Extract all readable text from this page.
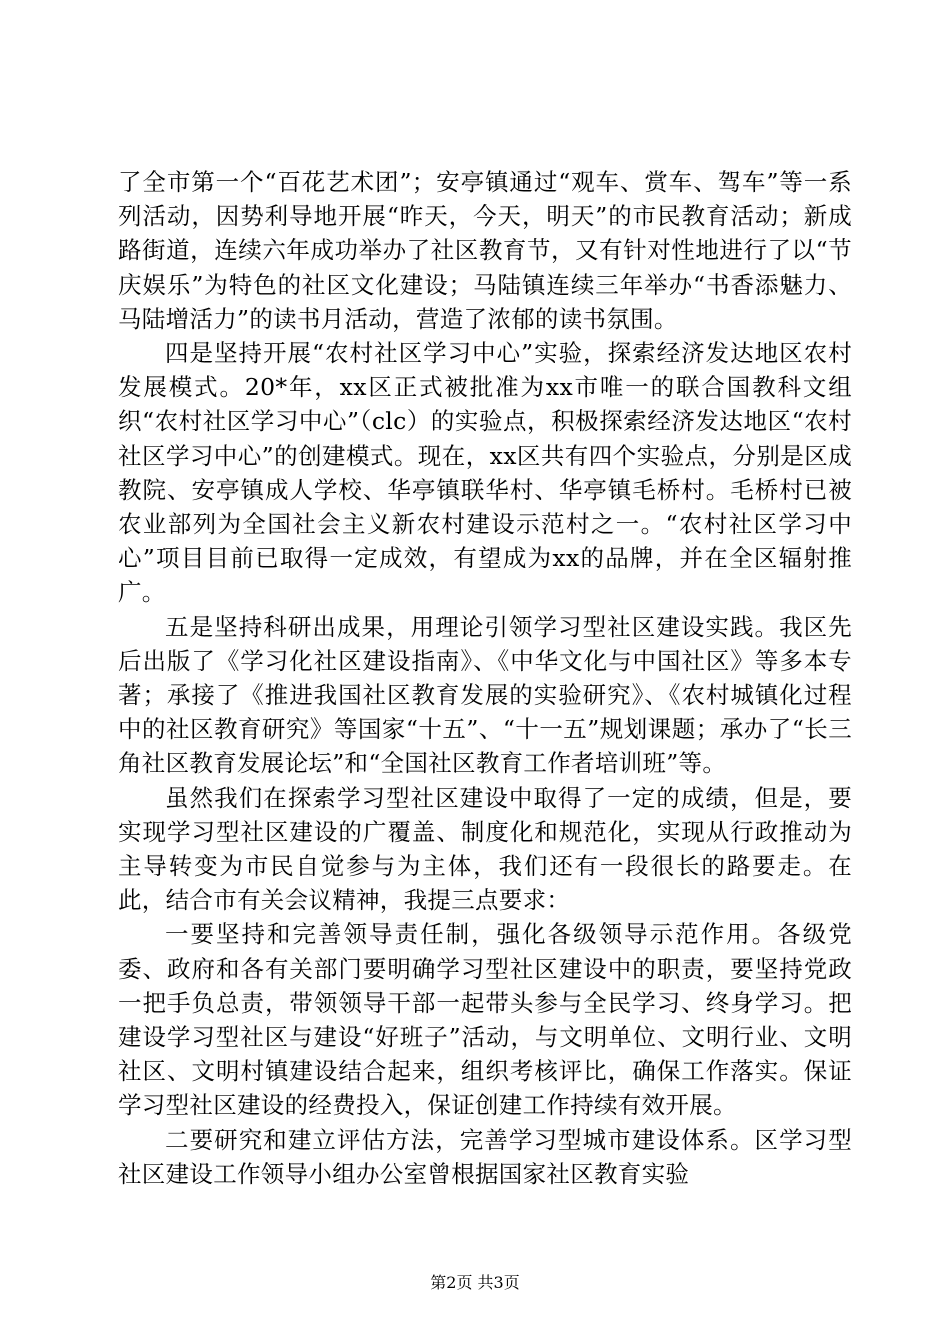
了全市第一个“百花艺术团”；安亭镇通过“观车、赏车、驾车”等一系列活动，因势利导地开展“昨天，今天，明天”的市民教育活动；新成路街道，连续六年成功举办了社区教育节，又有针对性地进行了以“节庆娱乐”为特色的社区文化建设；马陆镇连续三年举办“书香添魅力、马陆增活力”的读书月活动，营造了浓郁的读书氛围。

四是坚持开展“农村社区学习中心”实验，探索经济发达地区农村发展模式。20*年，xx区正式被批准为xx市唯一的联合国教科文组织“农村社区学习中心”（clc）的实验点，积极探索经济发达地区“农村社区学习中心”的创建模式。现在，xx区共有四个实验点，分别是区成教院、安亭镇成人学校、华亭镇联华村、华亭镇毛桥村。毛桥村已被农业部列为全国社会主义新农村建设示范村之一。“农村社区学习中心”项目目前已取得一定成效，有望成为xx的品牌，并在全区辐射推广。

五是坚持科研出成果，用理论引领学习型社区建设实践。我区先后出版了《学习化社区建设指南》、《中华文化与中国社区》等多本专著；承接了《推进我国社区教育发展的实验研究》、《农村城镇化过程中的社区教育研究》等国家“十五”、“十一五”规划课题；承办了“长三角社区教育发展论坛”和“全国社区教育工作者培训班”等。

虽然我们在探索学习型社区建设中取得了一定的成绩，但是，要实现学习型社区建设的广覆盖、制度化和规范化，实现从行政推动为主导转变为市民自觉参与为主体，我们还有一段很长的路要走。在此，结合市有关会议精神，我提三点要求：

一要坚持和完善领导责任制，强化各级领导示范作用。各级党委、政府和各有关部门要明确学习型社区建设中的职责，要坚持党政一把手负总责，带领领导干部一起带头参与全民学习、终身学习。把建设学习型社区与建设“好班子”活动，与文明单位、文明行业、文明社区、文明村镇建设结合起来，组织考核评比，确保工作落实。保证学习型社区建设的经费投入，保证创建工作持续有效开展。

二要研究和建立评估方法，完善学习型城市建设体系。区学习型社区建设工作领导小组办公室曾根据国家社区教育实验

第2页 共3页
